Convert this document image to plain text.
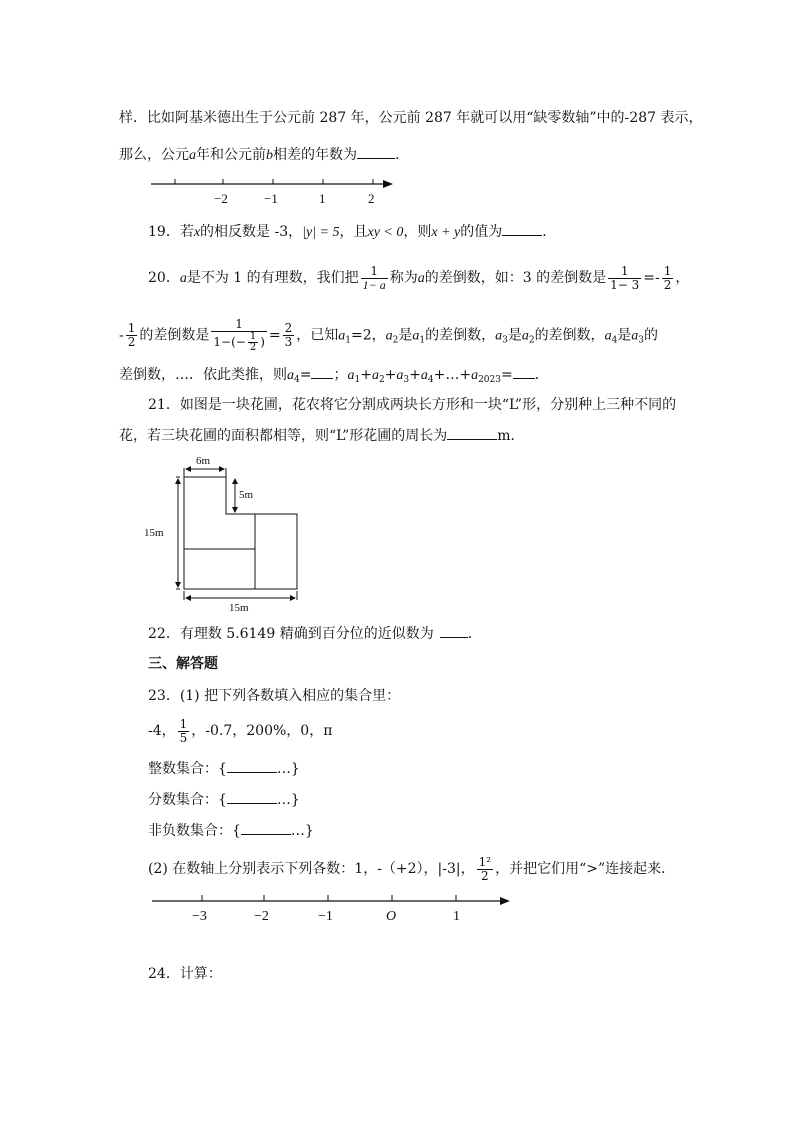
样．比如阿基米德出生于公元前 287 年，公元前 287 年就可以用“缺零数轴”中的-287 表示，
那么，公元a年和公元前b相差的年数为	．
−2	−1	1	2
19．若x的相反数是 -3，|y| = 5，且xy < 0，则x + y的值为	．
20．a是不为 1 的有理数，我们把 $\frac{1}{1- a}$ 称为a的差倒数，如：3 的差倒数是 $\frac{1}{1- 3} =- \frac{1}{2}$ ，
- $\frac{1}{2}$ 的差倒数是 $\frac{1}{1-(- \frac{1}{2} )} = \frac{2}{3}$ ，已知$a_1=2$，$a_2$是$a_1$的差倒数，$a_3$是$a_2$的差倒数，$a_4$是$a_3$的
差倒数，…．依此类推，则$a_4=$ ；$a_1+a_2+a_3+a_4+\dots+a_{2023}=$ ．
21．如图是一块花圃，花农将它分割成两块长方形和一块“L”形，分别种上三种不同的
花，若三块花圃的面积都相等，则“L”形花圃的周长为	m．
6m
5m
15m
15m
22．有理数 5.6149 精确到百分位的近似数为 ．
三、解答题
23．(1) 把下列各数填入相应的集合里：
-4， $\frac{1}{5}$ ，-0.7，200%，0，π
整数集合：{	…}
分数集合：{	…}
非负数集合：{	…}
(2) 在数轴上分别表示下列各数：1，-（+2），|-3|， $\frac{\text{1²}}{2}$ ，并把它们用“>”连接起来．
−3	−2	−1	O	1
24．计算：
